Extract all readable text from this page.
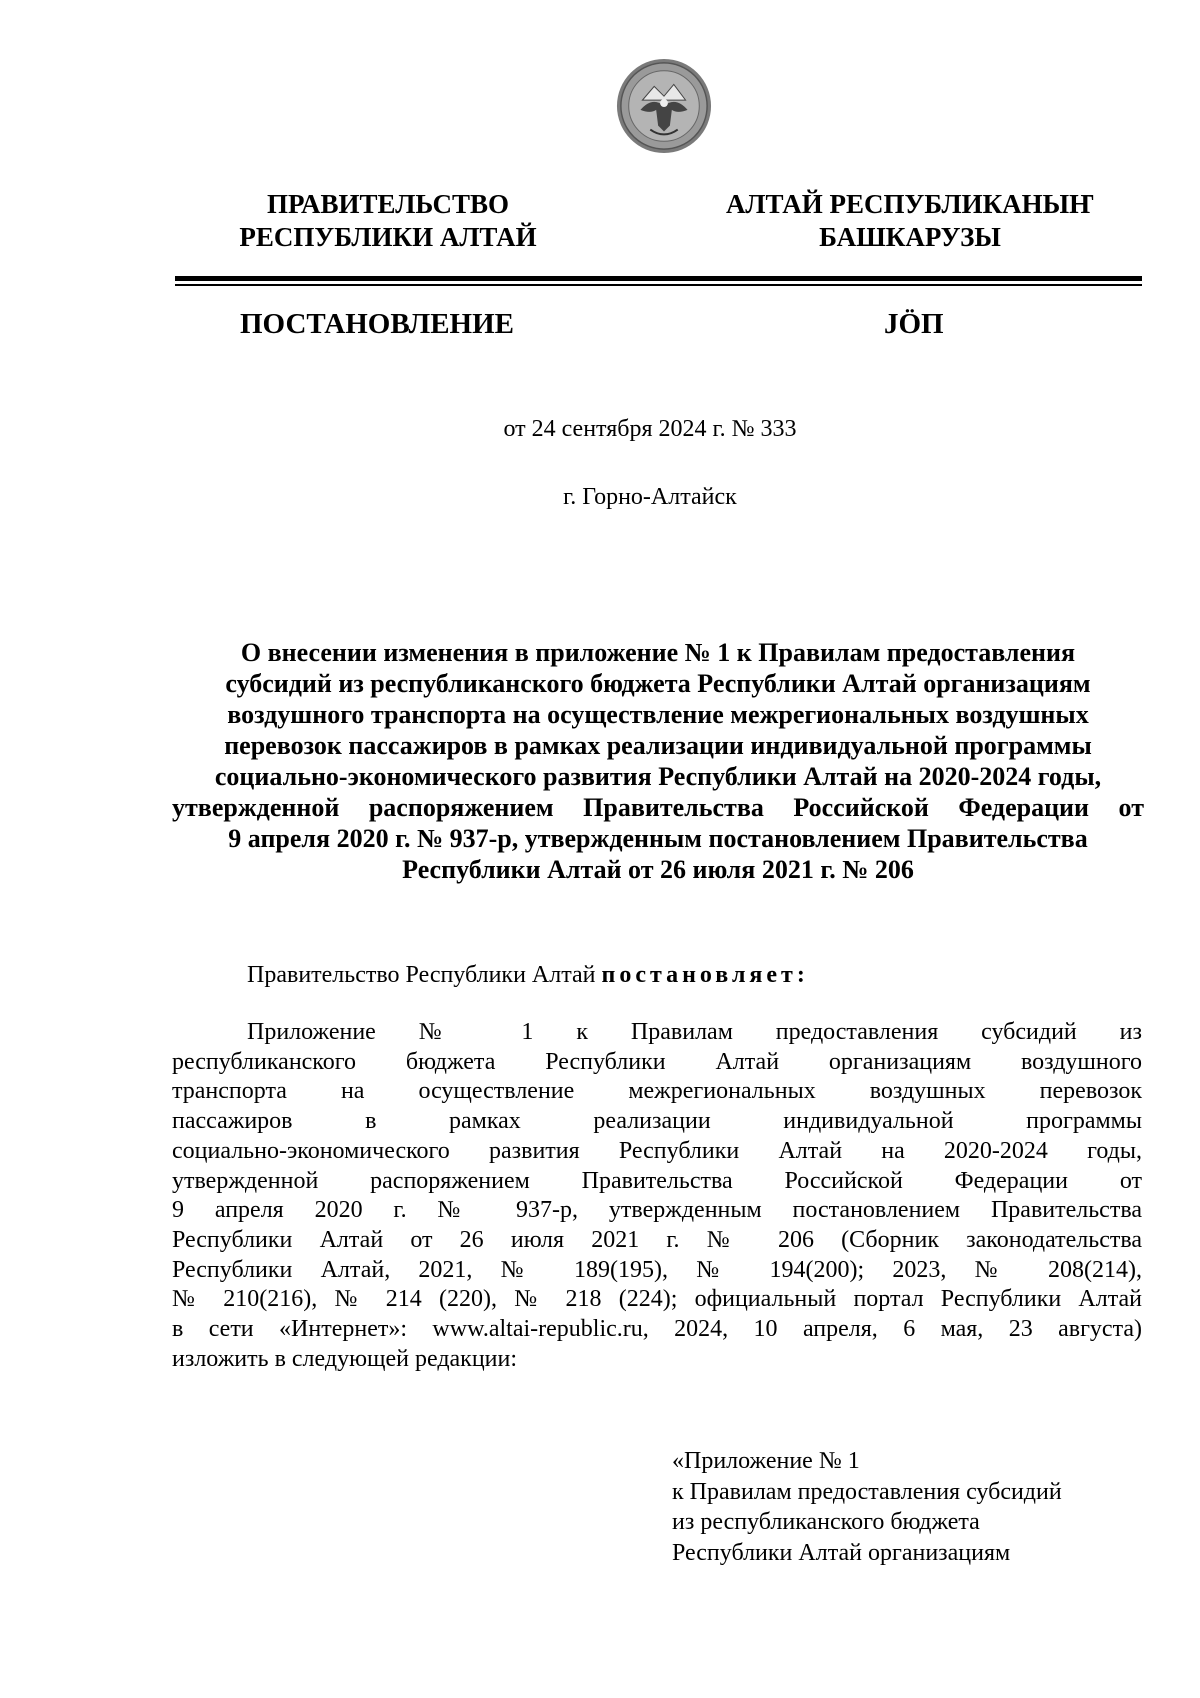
ПРАВИТЕЛЬСТВО
РЕСПУБЛИКИ АЛТАЙ
АЛТАЙ РЕСПУБЛИКАНЫҤ
БАШКАРУЗЫ
ПОСТАНОВЛЕНИЕ	ЈӦП
от 24 сентября 2024 г. № 333
г. Горно-Алтайск
О внесении изменения в приложение № 1 к Правилам предоставления
субсидий из республиканского бюджета Республики Алтай организациям
воздушного транспорта на осуществление межрегиональных воздушных
перевозок пассажиров в рамках реализации индивидуальной программы
социально-экономического развития Республики Алтай на 2020-2024 годы,
утвержденной распоряжением Правительства Российской Федерации от
9 апреля 2020 г. № 937-р, утвержденным постановлением Правительства
Республики Алтай от 26 июля 2021 г. № 206
Правительство Республики Алтай постановляет:
Приложение № 1 к Правилам предоставления субсидий из
республиканского бюджета Республики Алтай организациям воздушного
транспорта на осуществление межрегиональных воздушных перевозок
пассажиров в рамках реализации индивидуальной программы
социально-экономического развития Республики Алтай на 2020-2024 годы,
утвержденной распоряжением Правительства Российской Федерации от
9 апреля 2020 г. № 937-р, утвержденным постановлением Правительства
Республики Алтай от 26 июля 2021 г. № 206 (Сборник законодательства
Республики Алтай, 2021, № 189(195), № 194(200); 2023, № 208(214),
№ 210(216), № 214 (220), № 218 (224); официальный портал Республики Алтай
в сети «Интернет»: www.altai-republic.ru, 2024, 10 апреля, 6 мая, 23 августа)
изложить в следующей редакции:
«Приложение № 1
к Правилам предоставления субсидий
из республиканского бюджета
Республики Алтай организациям
